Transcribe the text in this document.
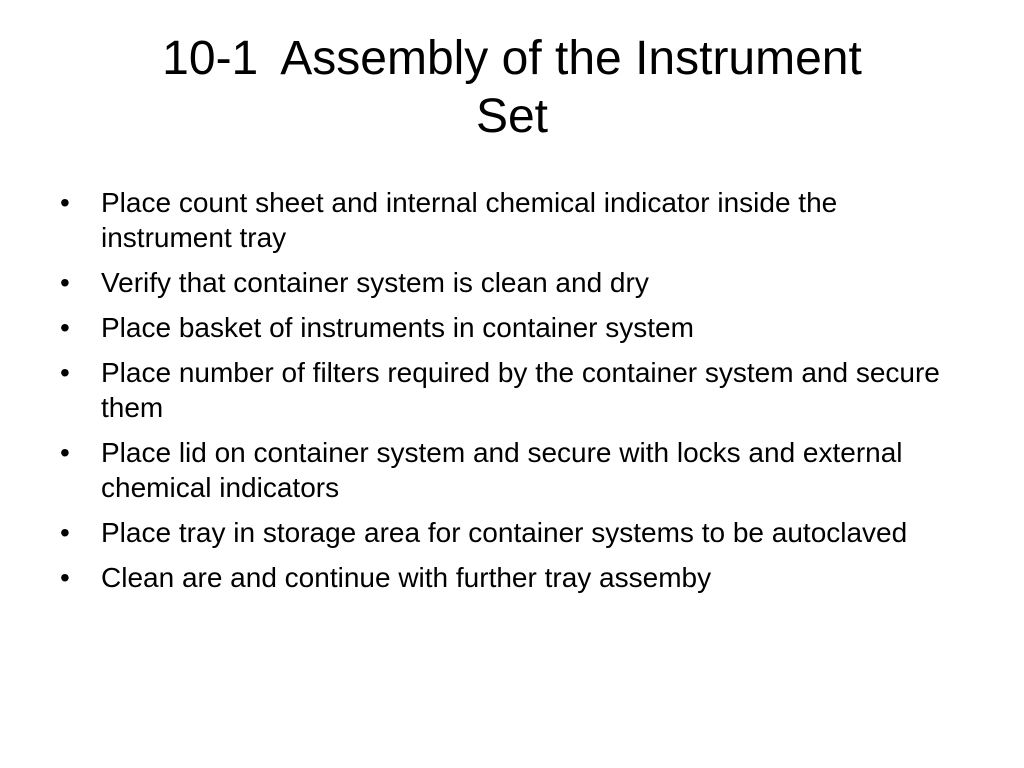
10-1 Assembly of the Instrument
Set
•	Place count sheet and internal chemical indicator inside the instrument tray
•	Verify that container system is clean and dry
•	Place basket of instruments in container system
•	Place number of filters required by the container system and secure them
•	Place lid on container system and secure with locks and external chemical indicators
•	Place tray in storage area for container systems to be autoclaved
•	Clean are and continue with further tray assemby
